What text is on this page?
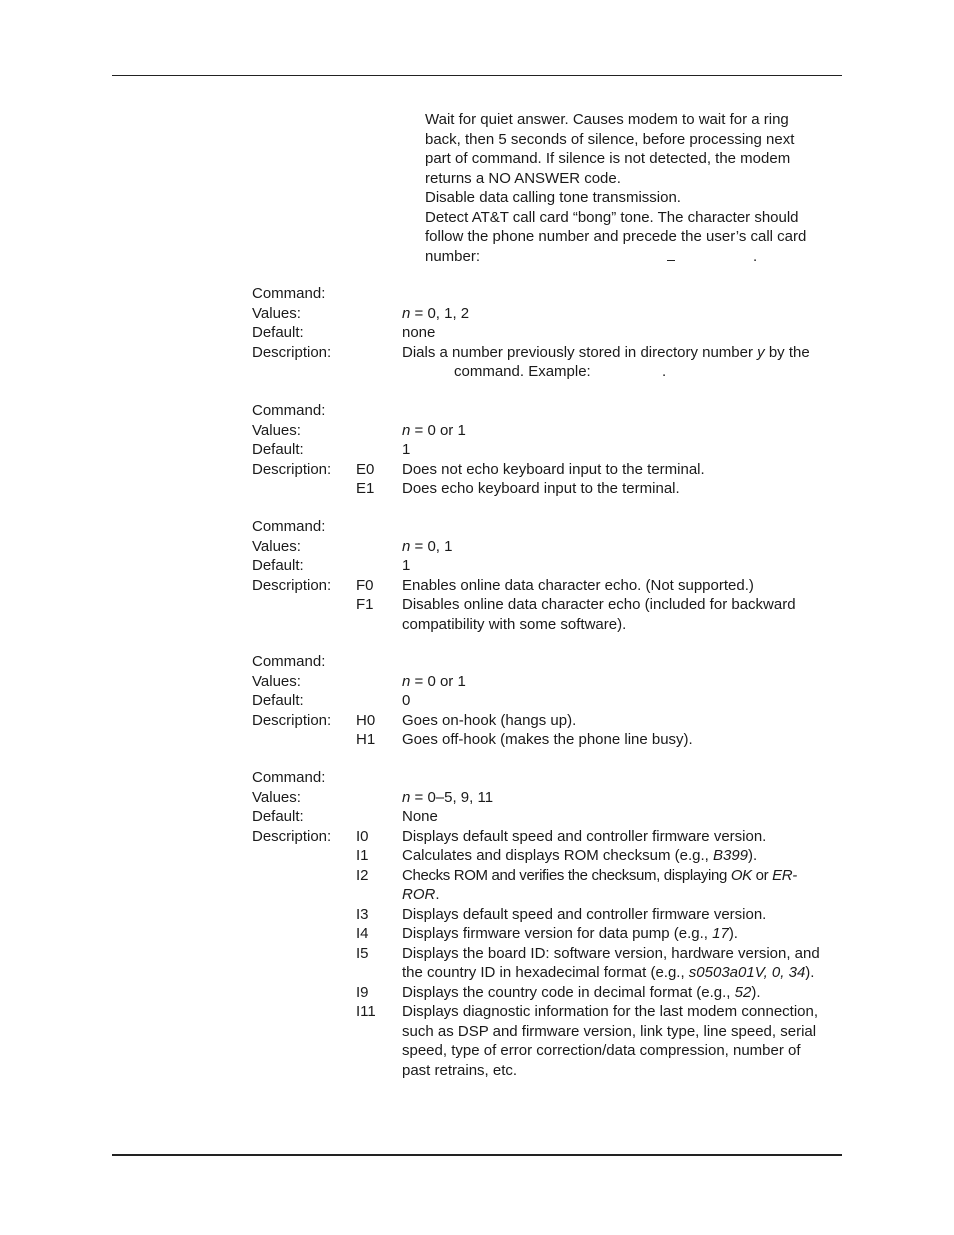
Wait for quiet answer. Causes modem to wait for a ring
back, then 5 seconds of silence, before processing next
part of command. If silence is not detected, the modem
returns a NO ANSWER code.
Disable data calling tone transmission.
Detect AT&T call card “bong” tone. The character should
follow the phone number and precede the user’s call card
number:	.
Command:
Values:
Default:
Description:
n = 0, 1, 2
none
Dials a number previously stored in directory number y by the
command. Example:	.
Command:
Values:
Default:
Description:
n = 0 or 1
1
E0 Does not echo keyboard input to the terminal.
E1 Does echo keyboard input to the terminal.
Command:
Values:
Default:
Description:
n = 0, 1
1
F0 Enables online data character echo. (Not supported.)
F1 Disables online data character echo (included for backward
compatibility with some software).
Command:
Values:
Default:
Description:
n = 0 or 1
0
H0 Goes on-hook (hangs up).
H1 Goes off-hook (makes the phone line busy).
Command:
Values:
Default:
Description:
n = 0–5, 9, 11
None
I0 Displays default speed and controller firmware version.
I1 Calculates and displays ROM checksum (e.g., B399).
I2 Checks ROM and verifies the checksum, displaying OK or ER-
ROR.
I3 Displays default speed and controller firmware version.
I4 Displays firmware version for data pump (e.g., 17).
I5 Displays the board ID: software version, hardware version, and
the country ID in hexadecimal format (e.g., s0503a01V, 0, 34).
I9 Displays the country code in decimal format (e.g., 52).
I11 Displays diagnostic information for the last modem connection,
such as DSP and firmware version, link type, line speed, serial
speed, type of error correction/data compression, number of
past retrains, etc.
